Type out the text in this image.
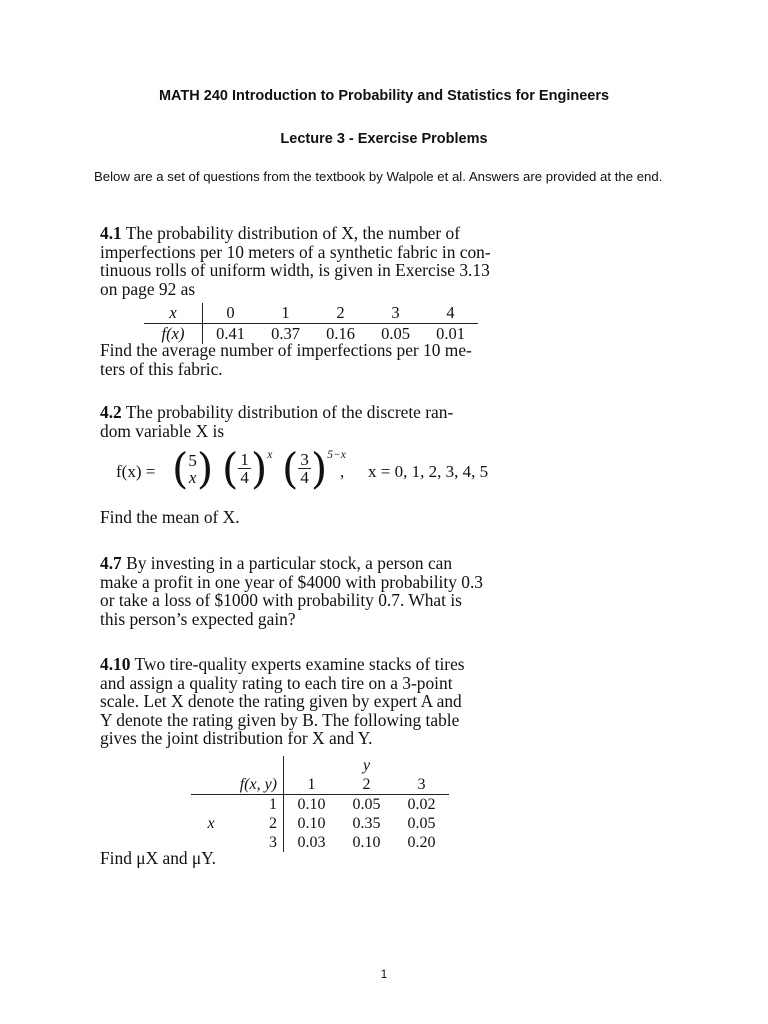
MATH 240 Introduction to Probability and Statistics for Engineers
Lecture 3 - Exercise Problems
Below are a set of questions from the textbook by Walpole et al. Answers are provided at the end.
4.1 The probability distribution of X, the number of
imperfections per 10 meters of a synthetic fabric in con-
tinuous rolls of uniform width, is given in Exercise 3.13
on page 92 as
x	0	1	2	3	4
f(x)	0.41	0.37	0.16	0.05	0.01
Find the average number of imperfections per 10 me-
ters of this fabric.
4.2 The probability distribution of the discrete ran-
dom variable X is
f(x) = ( 5
x ) ( $\frac{1}{4} )^x$ ( $\frac{3}{4} )^{5-x}$
, x = 0, 1, 2, 3, 4, 5
Find the mean of X.
4.7 By investing in a particular stock, a person can
make a profit in one year of $4000 with probability 0.3
or take a loss of $1000 with probability 0.7. What is
this person’s expected gain?
4.10 Two tire-quality experts examine stacks of tires
and assign a quality rating to each tire on a 3-point
scale. Let X denote the rating given by expert A and
Y denote the rating given by B. The following table
gives the joint distribution for X and Y.
			y	
f(x, y)		1	2	3
	1	0.10	0.05	0.02
x	2	0.10	0.35	0.05
	3	0.03	0.10	0.20
Find μX and μY.
1
